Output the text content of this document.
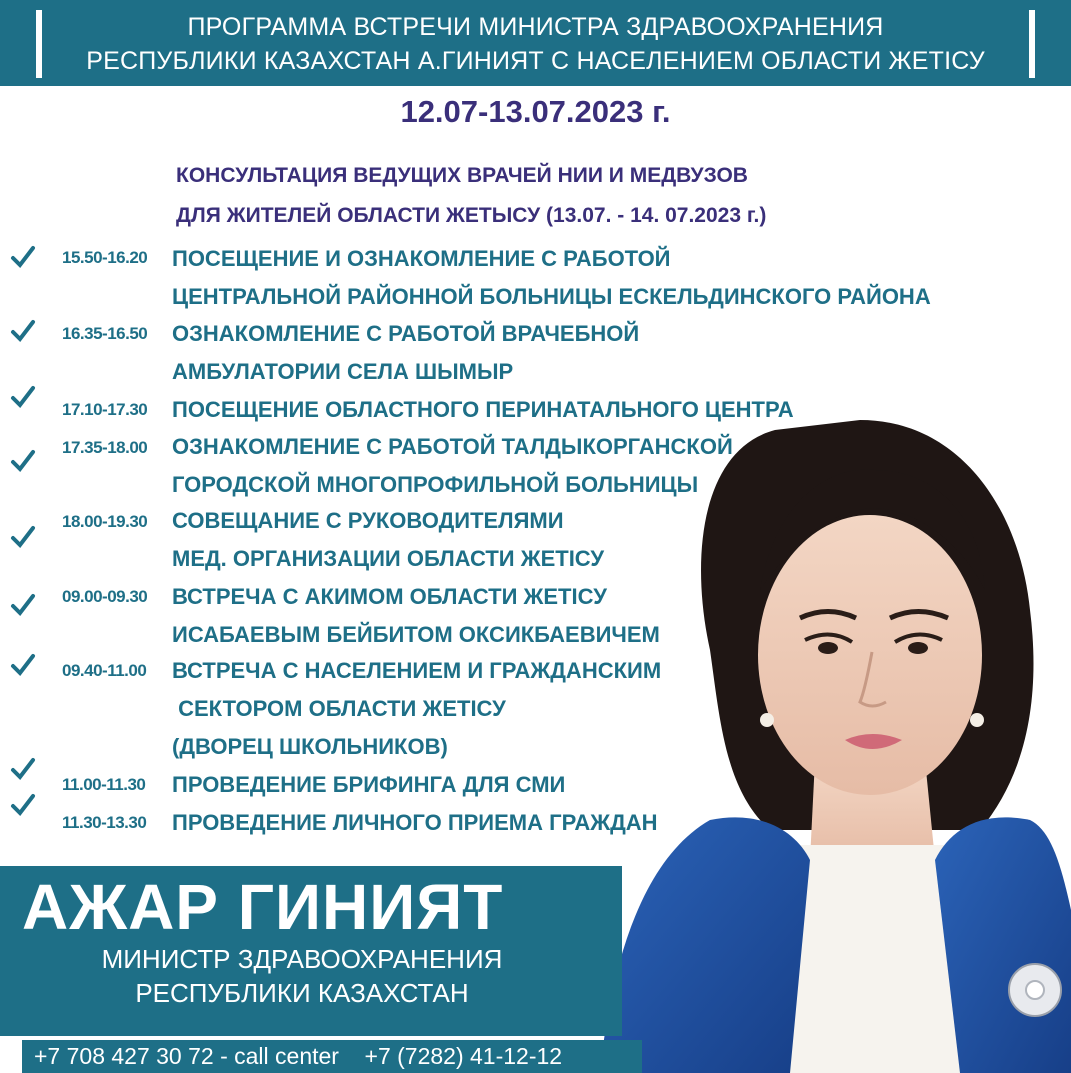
ПРОГРАММА ВСТРЕЧИ МИНИСТРА ЗДРАВООХРАНЕНИЯ
РЕСПУБЛИКИ КАЗАХСТАН А.ГИНИЯТ С НАСЕЛЕНИЕМ ОБЛАСТИ ЖЕТІСУ
12.07-13.07.2023 г.
КОНСУЛЬТАЦИЯ ВЕДУЩИХ ВРАЧЕЙ НИИ И МЕДВУЗОВ
ДЛЯ ЖИТЕЛЕЙ ОБЛАСТИ ЖЕТЫСУ (13.07. - 14. 07.2023 г.)
15.50-16.20	ПОСЕЩЕНИЕ И ОЗНАКОМЛЕНИЕ С РАБОТОЙ
ЦЕНТРАЛЬНОЙ РАЙОННОЙ БОЛЬНИЦЫ ЕСКЕЛЬДИНСКОГО РАЙОНА
16.35-16.50	ОЗНАКОМЛЕНИЕ С РАБОТОЙ ВРАЧЕБНОЙ
АМБУЛАТОРИИ СЕЛА ШЫМЫР
17.10-17.30	ПОСЕЩЕНИЕ ОБЛАСТНОГО ПЕРИНАТАЛЬНОГО ЦЕНТРА
17.35-18.00	ОЗНАКОМЛЕНИЕ С РАБОТОЙ ТАЛДЫКОРГАНСКОЙ
ГОРОДСКОЙ МНОГОПРОФИЛЬНОЙ БОЛЬНИЦЫ
18.00-19.30	СОВЕЩАНИЕ С РУКОВОДИТЕЛЯМИ
МЕД. ОРГАНИЗАЦИИ ОБЛАСТИ ЖЕТІСУ
09.00-09.30	ВСТРЕЧА С АКИМОМ ОБЛАСТИ ЖЕТІСУ
ИСАБАЕВЫМ БЕЙБИТОМ ОКСИКБАЕВИЧЕМ
09.40-11.00	ВСТРЕЧА С НАСЕЛЕНИЕМ И ГРАЖДАНСКИМ
СЕКТОРОМ ОБЛАСТИ ЖЕТІСУ
(ДВОРЕЦ ШКОЛЬНИКОВ)
11.00-11.30	ПРОВЕДЕНИЕ БРИФИНГА ДЛЯ СМИ
11.30-13.30	ПРОВЕДЕНИЕ ЛИЧНОГО ПРИЕМА ГРАЖДАН
АЖАР ГИНИЯТ
МИНИСТР ЗДРАВООХРАНЕНИЯ
РЕСПУБЛИКИ КАЗАХСТАН
+7 708 427 30 72 - call center    +7 (7282) 41-12-12
